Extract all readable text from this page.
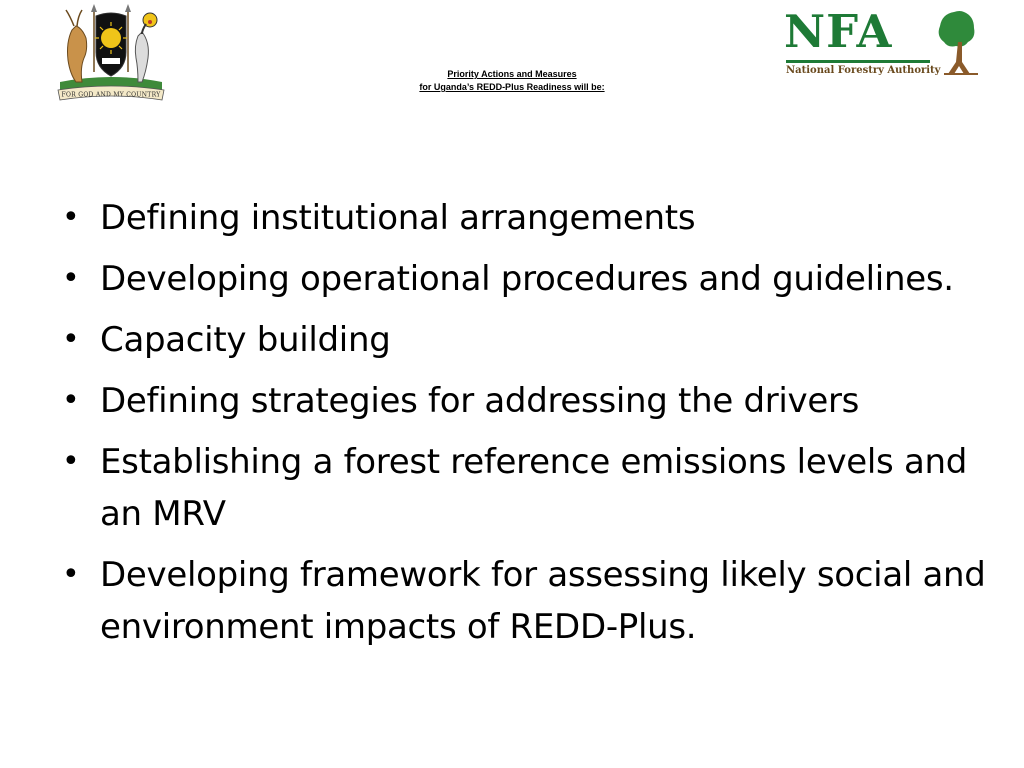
FOR GOD AND MY COUNTRY
NFA
National Forestry Authority
Priority Actions and Measures
for Uganda’s REDD-Plus Readiness will be:
• Defining institutional arrangements
• Developing operational procedures and guidelines.
• Capacity building
• Defining strategies for addressing the drivers
• Establishing a forest reference emissions levels and an MRV
• Developing framework for assessing likely social and environment impacts of REDD-Plus.
